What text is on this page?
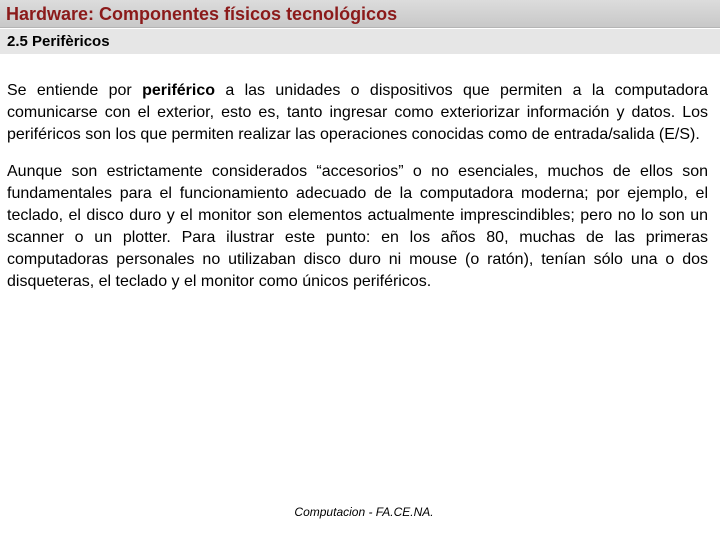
Hardware: Componentes físicos tecnológicos
2.5 Perifèricos

Se entiende por periférico a las unidades o dispositivos que permiten a la computadora comunicarse con el exterior, esto es, tanto ingresar como exteriorizar información y datos. Los periféricos son los que permiten realizar las operaciones conocidas como de entrada/salida (E/S).

Aunque son estrictamente considerados “accesorios” o no esenciales, muchos de ellos son fundamentales para el funcionamiento adecuado de la computadora moderna; por ejemplo, el teclado, el disco duro y el monitor son elementos actualmente imprescindibles; pero no lo son un scanner o un plotter. Para ilustrar este punto: en los años 80, muchas de las primeras computadoras personales no utilizaban disco duro ni mouse (o ratón), tenían sólo una o dos disqueteras, el teclado y el monitor como únicos periféricos.

Computacion - FA.CE.NA.
